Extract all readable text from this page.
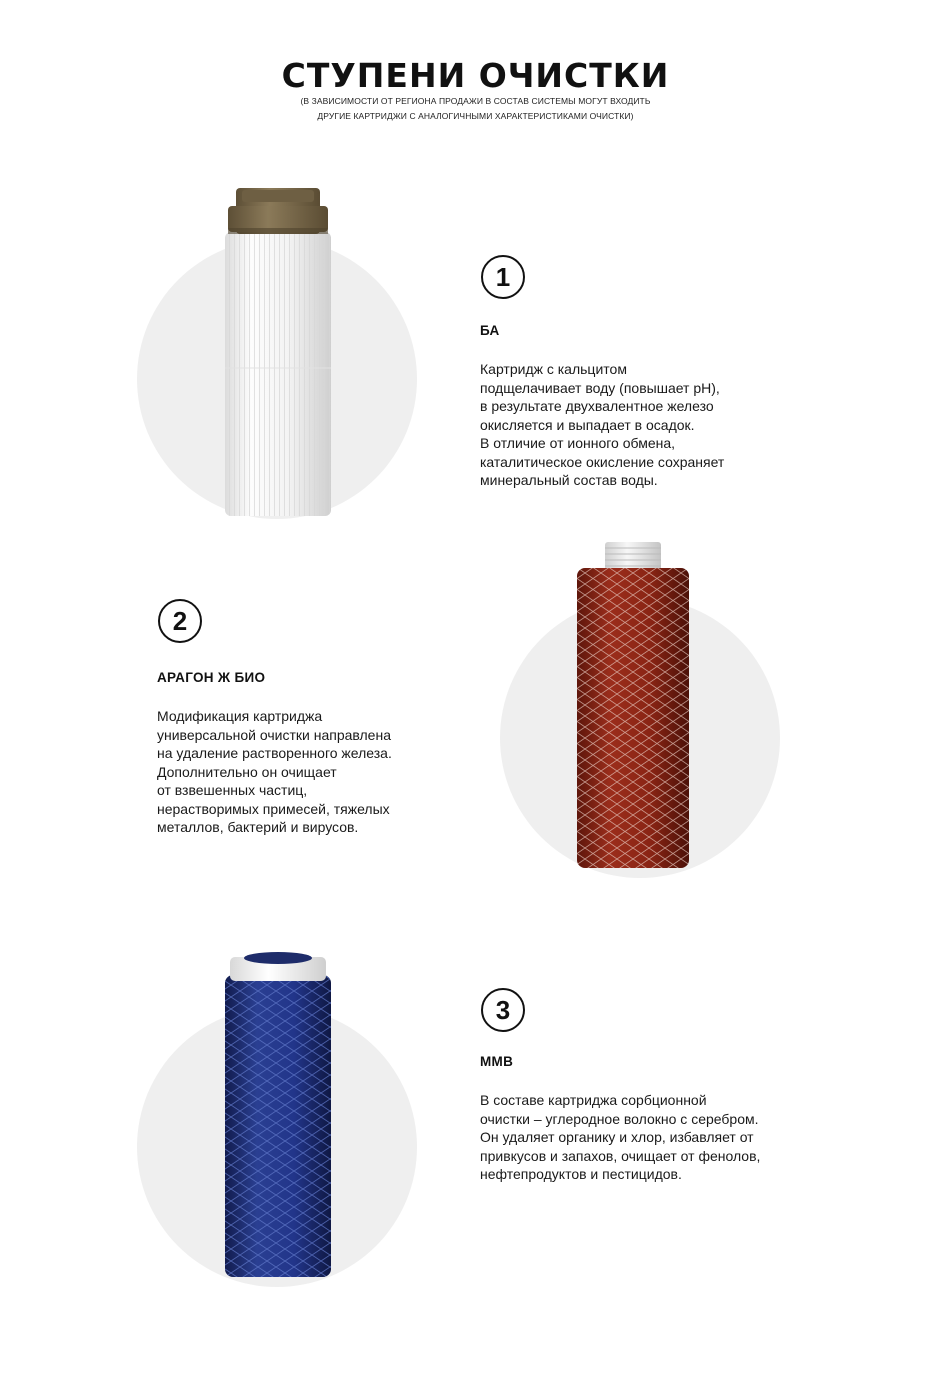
СТУПЕНИ ОЧИСТКИ
(В ЗАВИСИМОСТИ ОТ РЕГИОНА ПРОДАЖИ В СОСТАВ СИСТЕМЫ МОГУТ ВХОДИТЬ
ДРУГИЕ КАРТРИДЖИ С АНАЛОГИЧНЫМИ ХАРАКТЕРИСТИКАМИ ОЧИСТКИ)
1
БА
Картридж с кальцитом
подщелачивает воду (повышает pH),
в результате двухвалентное железо
окисляется и выпадает в осадок.
В отличие от ионного обмена,
каталитическое окисление сохраняет
минеральный состав воды.
2
АРАГОН Ж БИО
Модификация картриджа
универсальной очистки направлена
на удаление растворенного железа.
Дополнительно он очищает
от взвешенных частиц,
нерастворимых примесей, тяжелых
металлов, бактерий и вирусов.
3
ММВ
В составе картриджа сорбционной
очистки – углеродное волокно с серебром.
Он удаляет органику и хлор, избавляет от
привкусов и запахов, очищает от фенолов,
нефтепродуктов и пестицидов.
